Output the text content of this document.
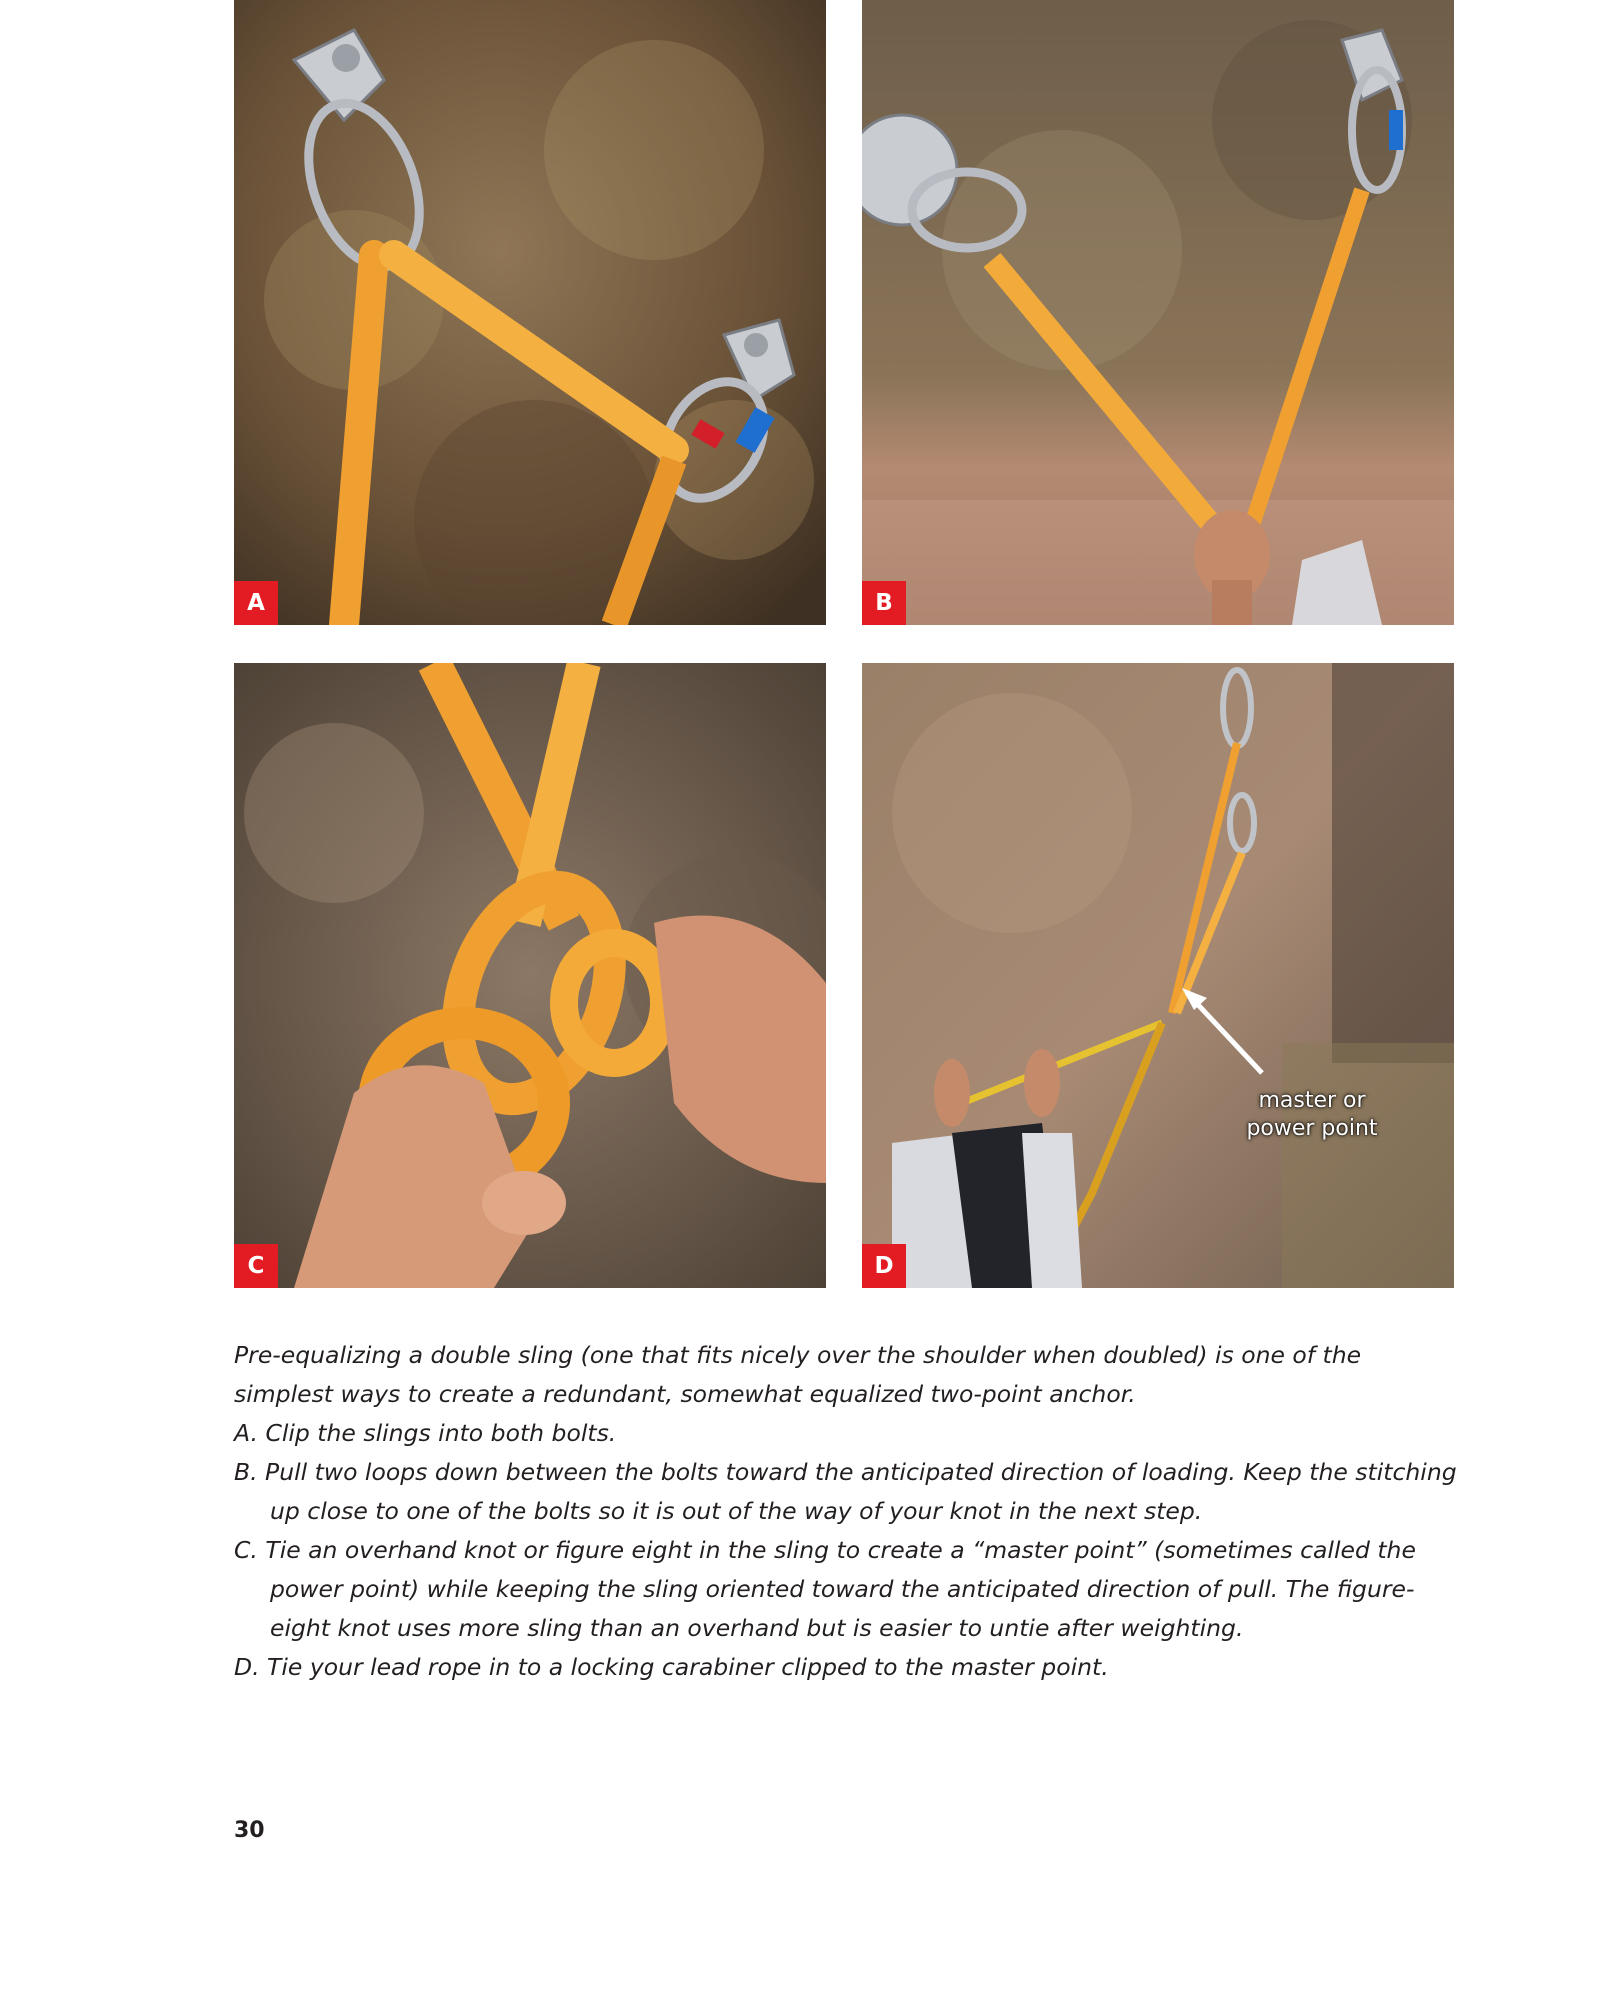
A	B
C
master or
power point
D

Pre-equalizing a double sling (one that fits nicely over the shoulder when doubled) is one of the simplest ways to create a redundant, somewhat equalized two-point anchor.

A. Clip the slings into both bolts.

B. Pull two loops down between the bolts toward the anticipated direction of loading. Keep the stitching up close to one of the bolts so it is out of the way of your knot in the next step.

C. Tie an overhand knot or figure eight in the sling to create a “master point” (sometimes called the power point) while keeping the sling oriented toward the anticipated direction of pull. The figure-eight knot uses more sling than an overhand but is easier to untie after weighting.

D. Tie your lead rope in to a locking carabiner clipped to the master point.

30
